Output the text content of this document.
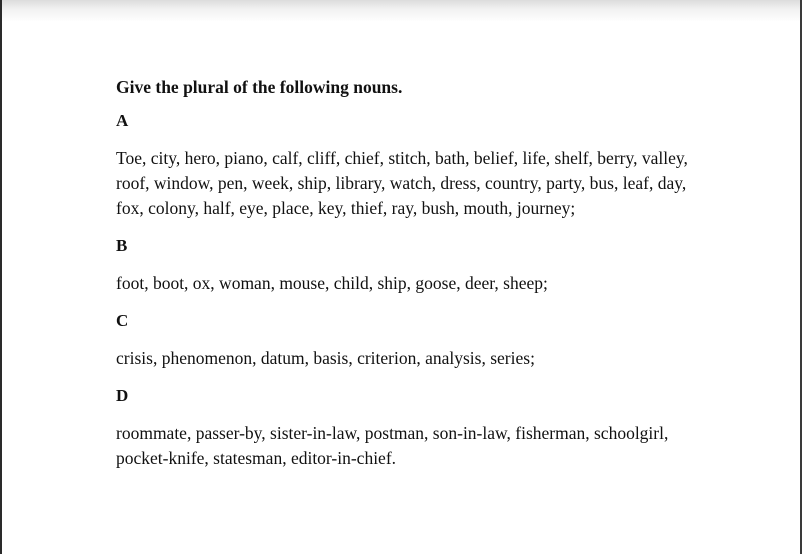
Give the plural of the following nouns.
A
Toe, city, hero, piano, calf, cliff, chief, stitch, bath, belief, life, shelf, berry, valley,
roof, window, pen, week, ship, library, watch, dress, country, party, bus, leaf, day,
fox, colony, half, eye, place, key, thief, ray, bush, mouth, journey;
B
foot, boot, ox, woman, mouse, child, ship, goose, deer, sheep;
C
crisis, phenomenon, datum, basis, criterion, analysis, series;
D
roommate, passer-by, sister-in-law, postman, son-in-law, fisherman, schoolgirl,
pocket-knife, statesman, editor-in-chief.
